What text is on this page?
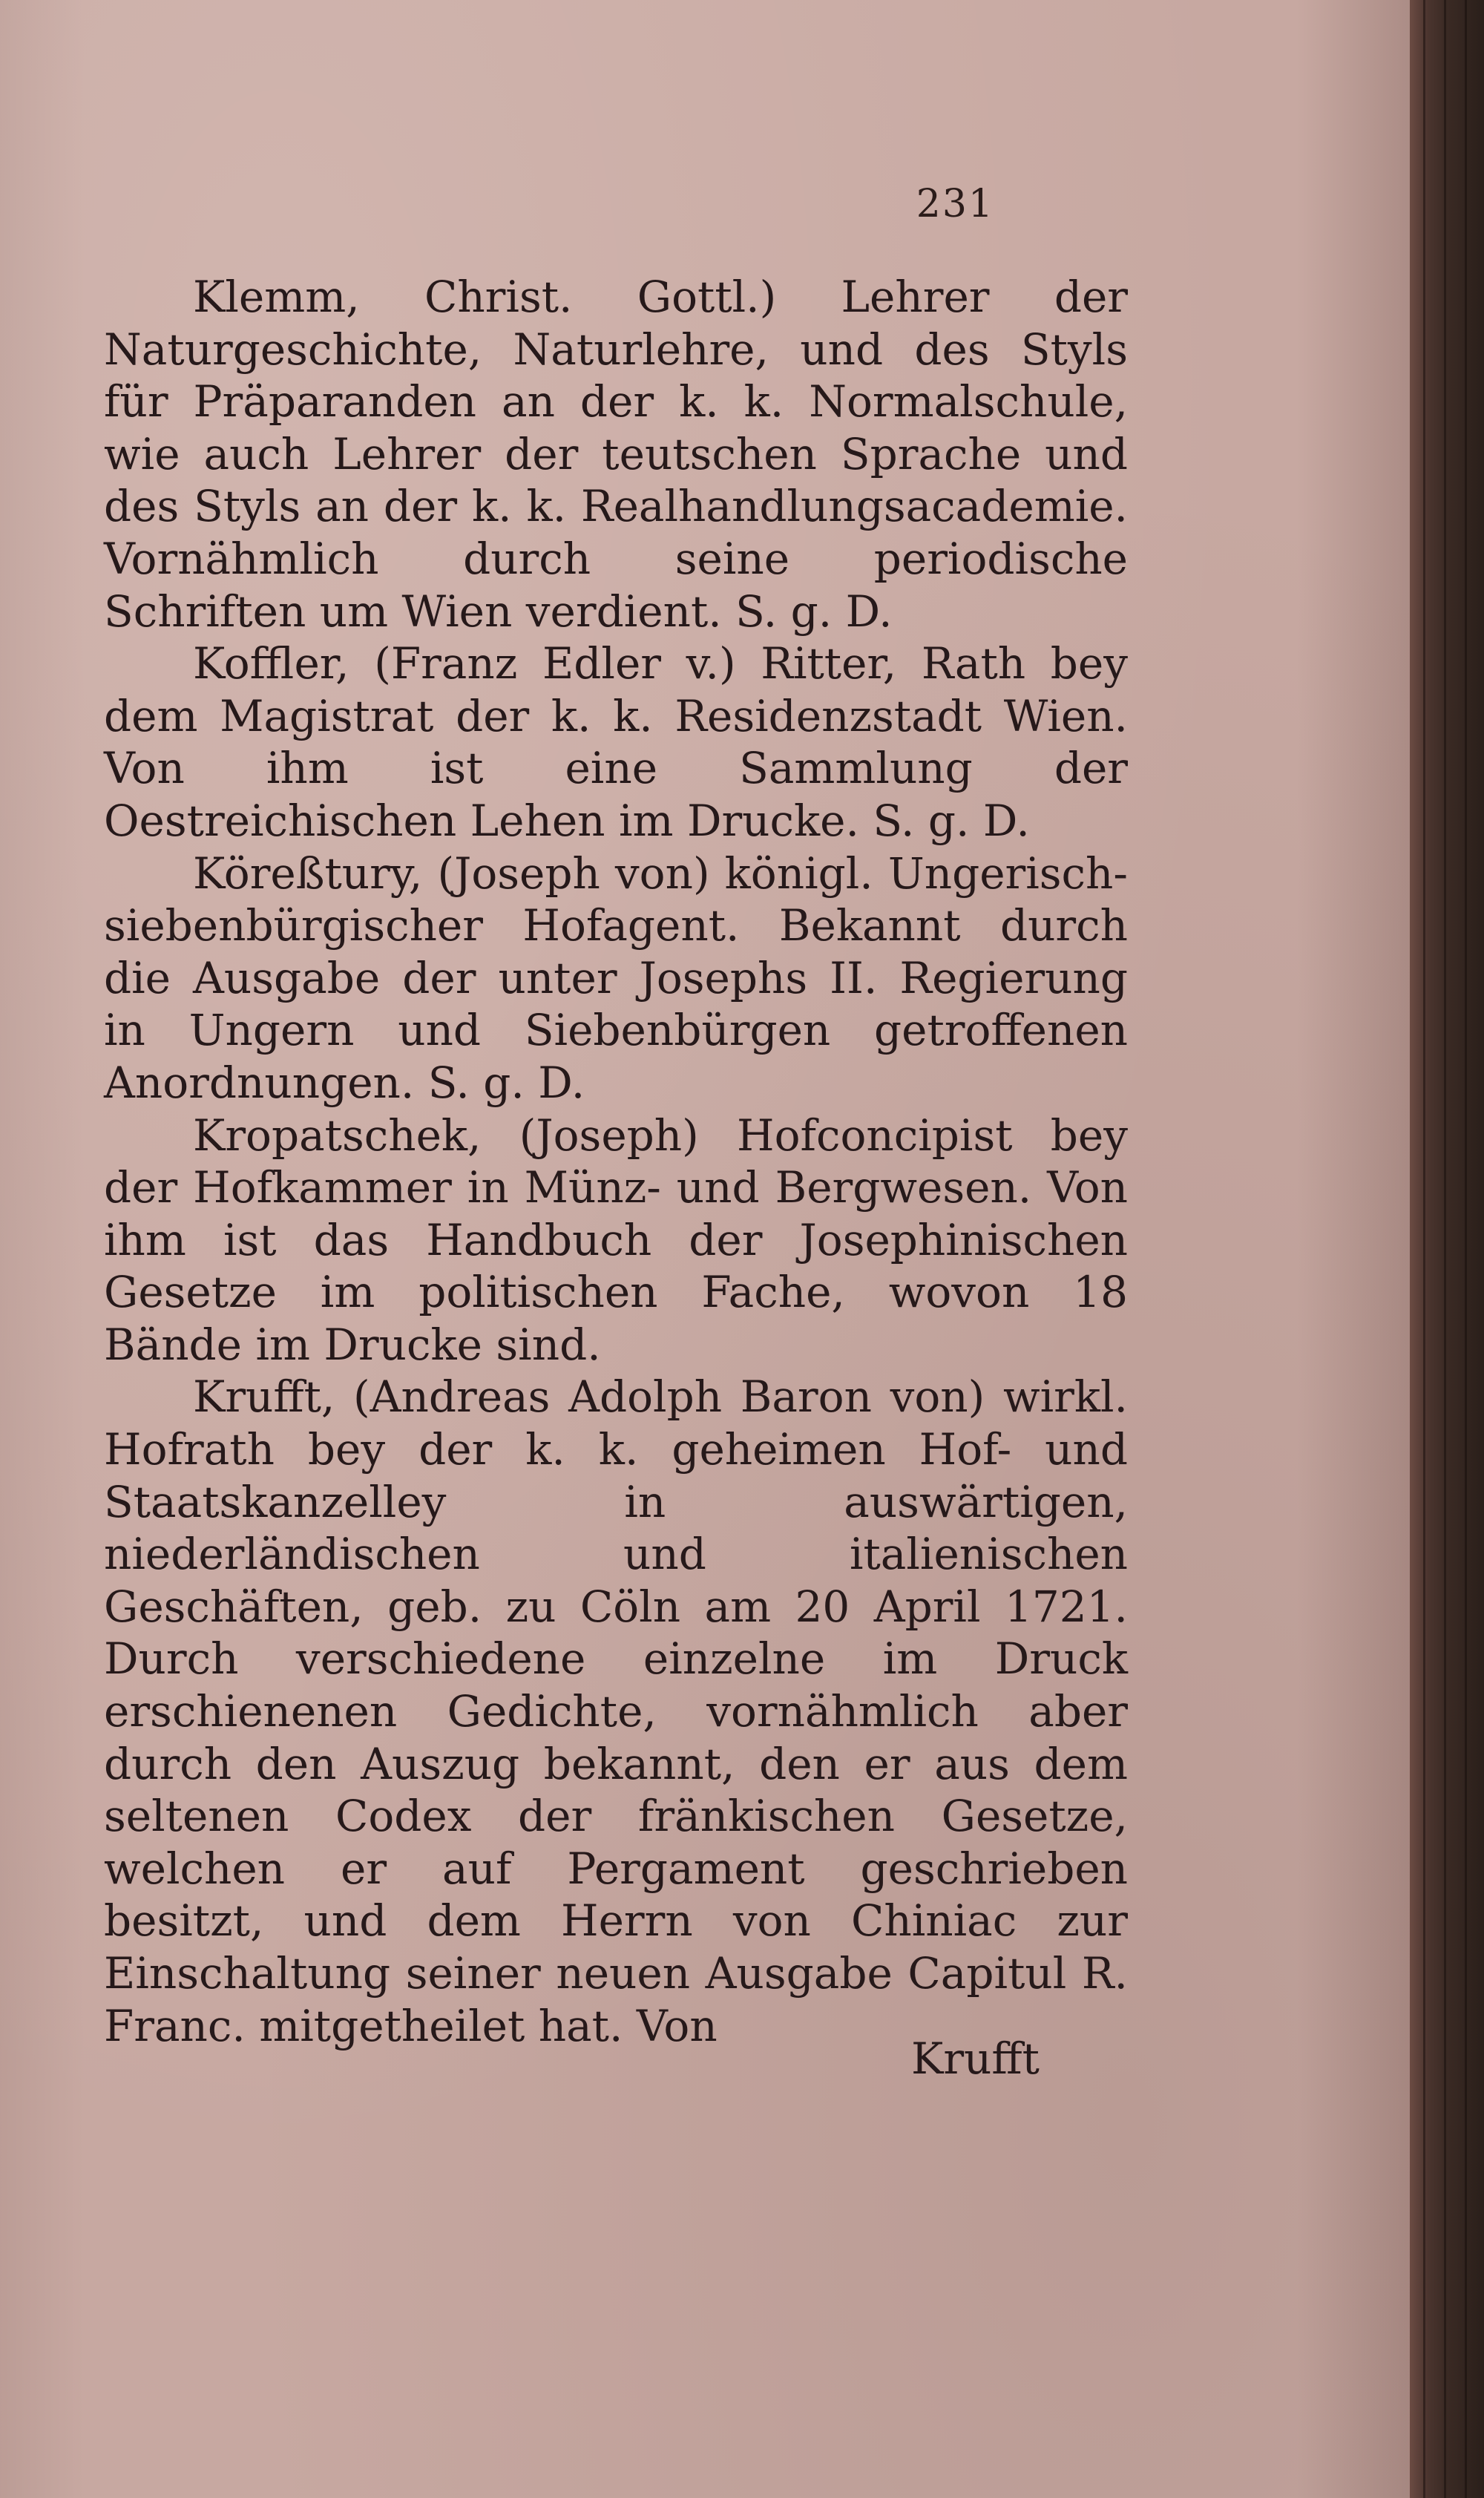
231

Klemm, Christ. Gottl.) Lehrer der Naturgeschichte, Naturlehre, und des Styls für Präparanden an der k. k. Normalschule, wie auch Lehrer der teutschen Sprache und des Styls an der k. k. Realhandlungsacademie. Vornähmlich durch seine periodische Schriften um Wien verdient. S. g. D.

Koffler, (Franz Edler v.) Ritter, Rath bey dem Magistrat der k. k. Residenzstadt Wien. Von ihm ist eine Sammlung der Oestreichischen Lehen im Drucke. S. g. D.

Köreßtury, (Joseph von) königl. Ungerisch-siebenbürgischer Hofagent. Bekannt durch die Ausgabe der unter Josephs II. Regierung in Ungern und Siebenbürgen getroffenen Anordnungen. S. g. D.

Kropatschek, (Joseph) Hofconcipist bey der Hofkammer in Münz- und Bergwesen. Von ihm ist das Handbuch der Josephinischen Gesetze im politischen Fache, wovon 18 Bände im Drucke sind.

Krufft, (Andreas Adolph Baron von) wirkl. Hofrath bey der k. k. geheimen Hof- und Staatskanzelley in auswärtigen, niederländischen und italienischen Geschäften, geb. zu Cöln am 20 April 1721. Durch verschiedene einzelne im Druck erschienenen Gedichte, vornähmlich aber durch den Auszug bekannt, den er aus dem seltenen Codex der fränkischen Gesetze, welchen er auf Pergament geschrieben besitzt, und dem Herrn von Chiniac zur Einschaltung seiner neuen Ausgabe Capitul R. Franc. mitgetheilet hat. Von

Krufft
